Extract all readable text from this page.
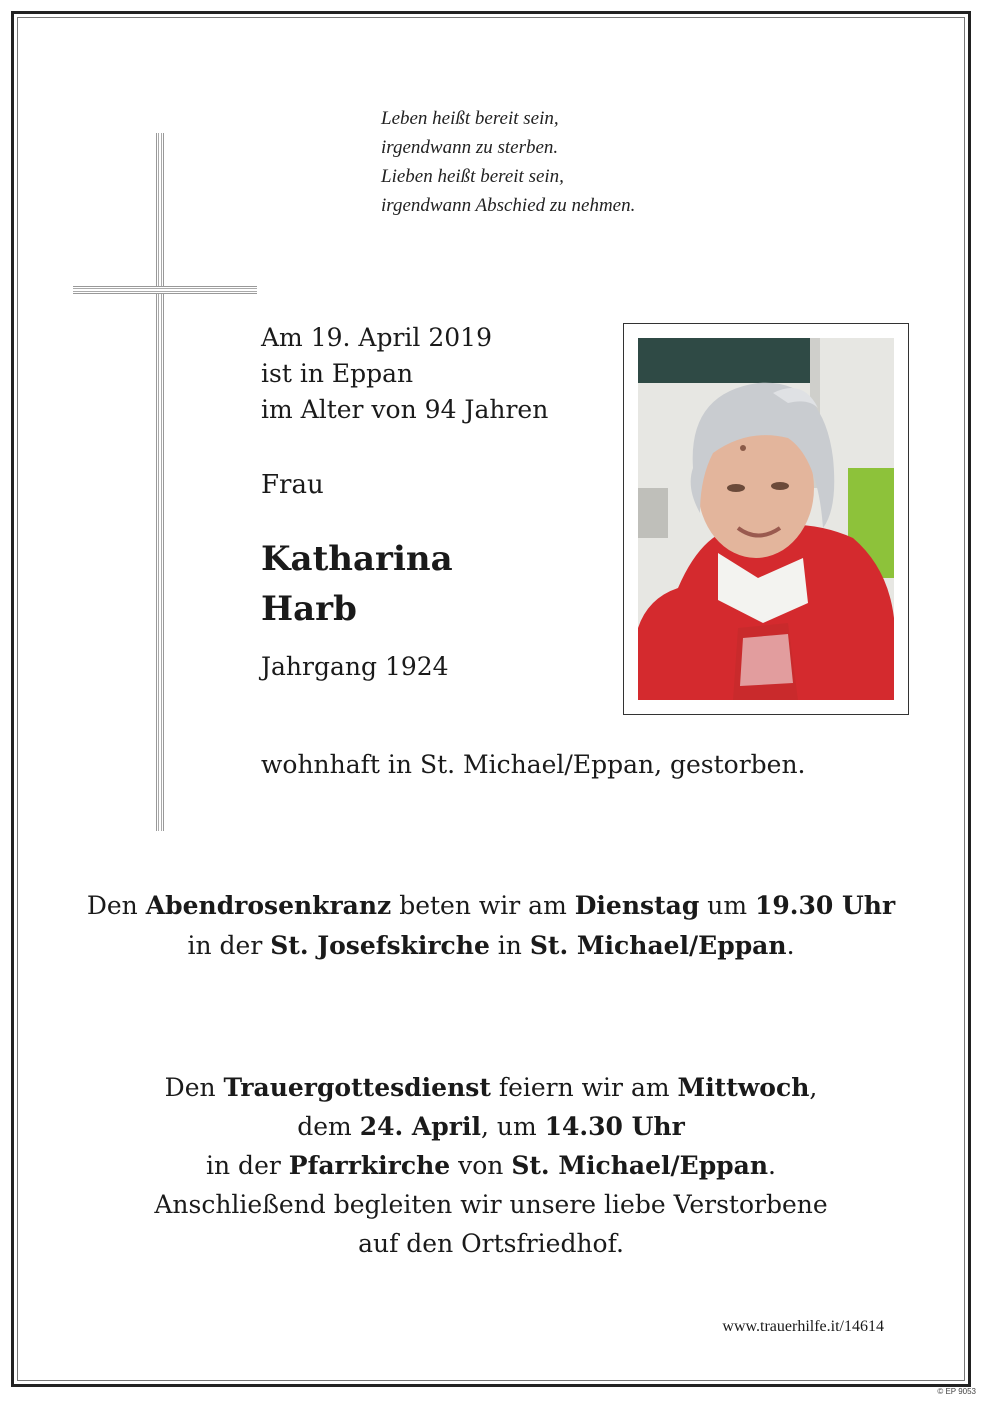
Leben heißt bereit sein,
irgendwann zu sterben.
Lieben heißt bereit sein,
irgendwann Abschied zu nehmen.
Am 19. April 2019
ist in Eppan
im Alter von 94 Jahren
Frau
Katharina
Harb
Jahrgang 1924
wohnhaft in St. Michael/Eppan, gestorben.
Den Abendrosenkranz beten wir am Dienstag um 19.30 Uhr
in der St. Josefskirche in St. Michael/Eppan.
Den Trauergottesdienst feiern wir am Mittwoch,
dem 24. April, um 14.30 Uhr
in der Pfarrkirche von St. Michael/Eppan.
Anschließend begleiten wir unsere liebe Verstorbene
auf den Ortsfriedhof.
www.trauerhilfe.it/14614
© EP 9053
